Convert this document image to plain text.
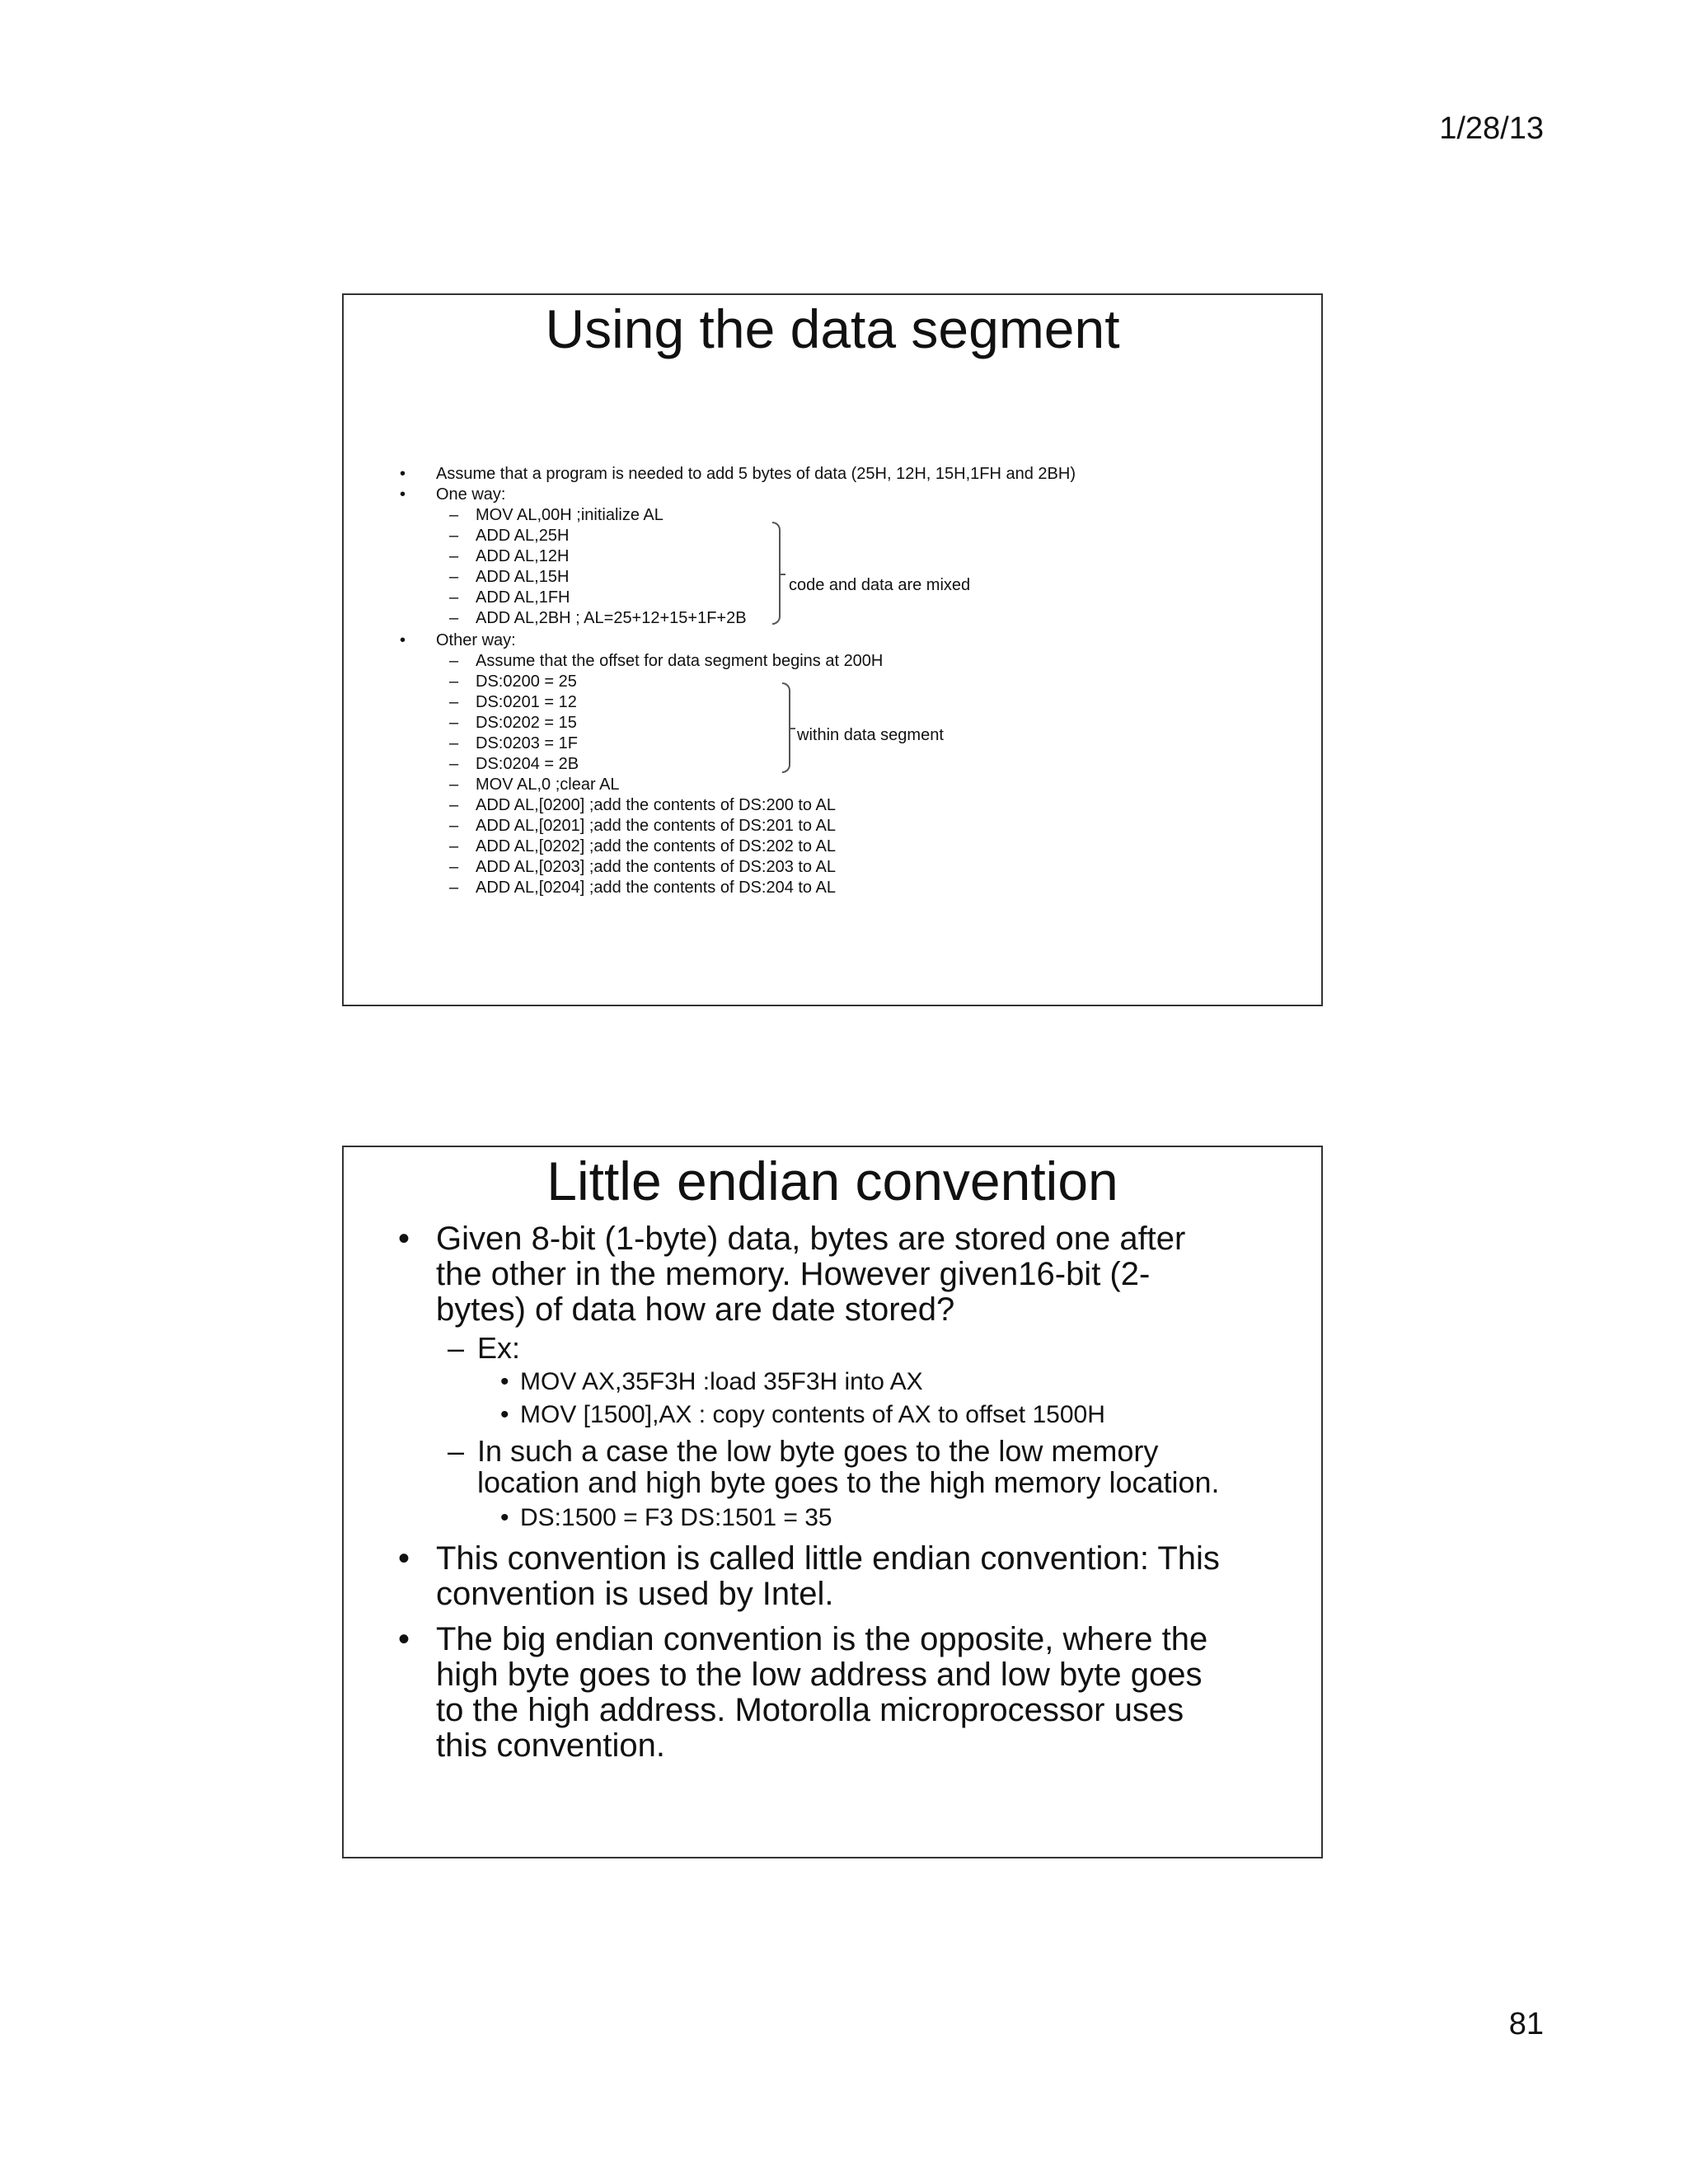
1/28/13
Using the data segment
• Assume that a program is needed to add 5 bytes of data (25H, 12H, 15H,1FH and 2BH)
• One way:
– MOV AL,00H ;initialize AL
– ADD AL,25H
– ADD AL,12H
– ADD AL,15H
– ADD AL,1FH
– ADD AL,2BH ; AL=25+12+15+1F+2B
code and data are mixed
• Other way:
– Assume that the offset for data segment begins at 200H
– DS:0200 = 25
– DS:0201 = 12
– DS:0202 = 15
– DS:0203 = 1F
– DS:0204 = 2B
– MOV AL,0 ;clear AL
– ADD AL,[0200] ;add the contents of DS:200 to AL
– ADD AL,[0201] ;add the contents of DS:201 to AL
– ADD AL,[0202] ;add the contents of DS:202 to AL
– ADD AL,[0203] ;add the contents of DS:203 to AL
– ADD AL,[0204] ;add the contents of DS:204 to AL
within data segment
Little endian convention
• Given 8-bit (1-byte) data, bytes are stored one after
the other in the memory. However given16-bit (2-
bytes) of data how are date stored?
– Ex:
• MOV AX,35F3H :load 35F3H into AX
• MOV [1500],AX : copy contents of AX to offset 1500H
– In such a case the low byte goes to the low memory
location and high byte goes to the high memory location.
• DS:1500 = F3 DS:1501 = 35
• This convention is called little endian convention: This
convention is used by Intel.
• The big endian convention is the opposite, where the
high byte goes to the low address and low byte goes
to the high address. Motorolla microprocessor uses
this convention.
81
